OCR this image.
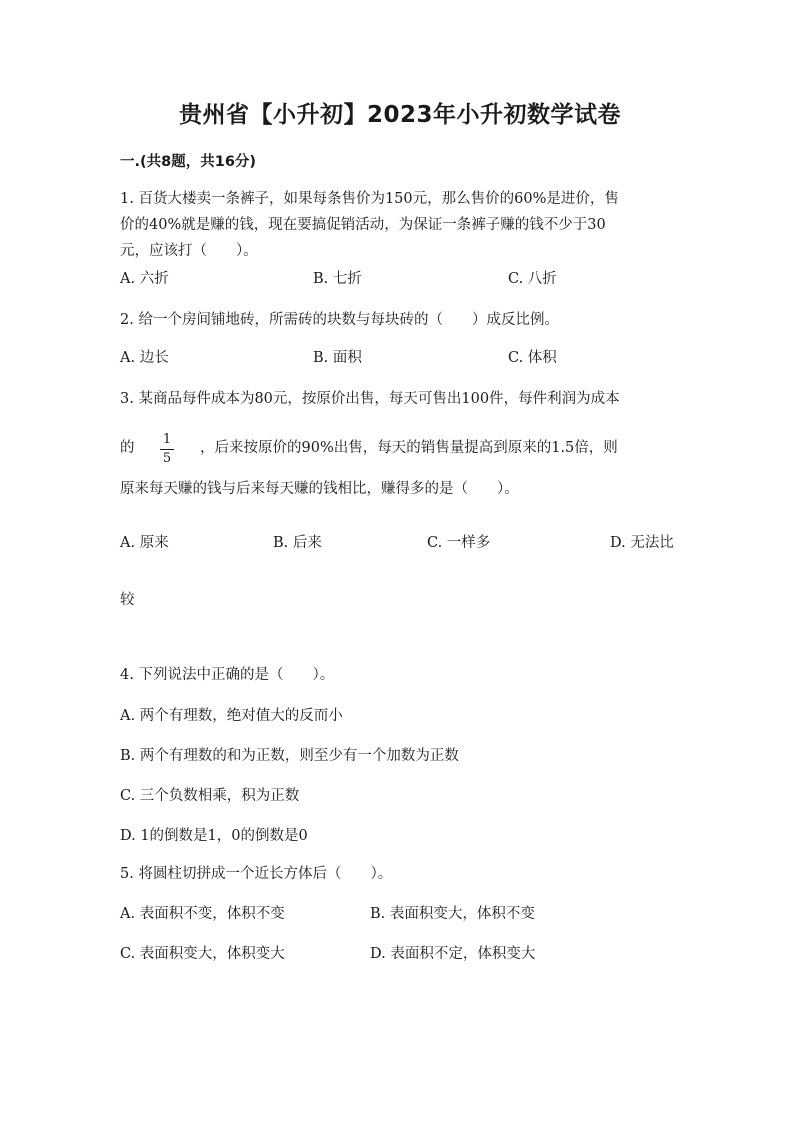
贵州省【小升初】2023年小升初数学试卷
一.(共8题，共16分)
1. 百货大楼卖一条裤子，如果每条售价为150元，那么售价的60%是进价，售
价的40%就是赚的钱，现在要搞促销活动，为保证一条裤子赚的钱不少于30
元，应该打（　　）。
A. 六折	B. 七折	C. 八折
2. 给一个房间铺地砖，所需砖的块数与每块砖的（　　）成反比例。
A. 边长	B. 面积	C. 体积
3. 某商品每件成本为80元，按原价出售，每天可售出100件，每件利润为成本
的
1
5
，后来按原价的90%出售，每天的销售量提高到原来的1.5倍，则
原来每天赚的钱与后来每天赚的钱相比，赚得多的是（　　）。
A. 原来	B. 后来	C. 一样多	D. 无法比
较
4. 下列说法中正确的是（　　）。
A. 两个有理数，绝对值大的反而小
B. 两个有理数的和为正数，则至少有一个加数为正数
C. 三个负数相乘，积为正数
D. 1的倒数是1，0的倒数是0
5. 将圆柱切拼成一个近长方体后（　　）。
A. 表面积不变，体积不变	B. 表面积变大，体积不变
C. 表面积变大，体积变大	D. 表面积不定，体积变大
